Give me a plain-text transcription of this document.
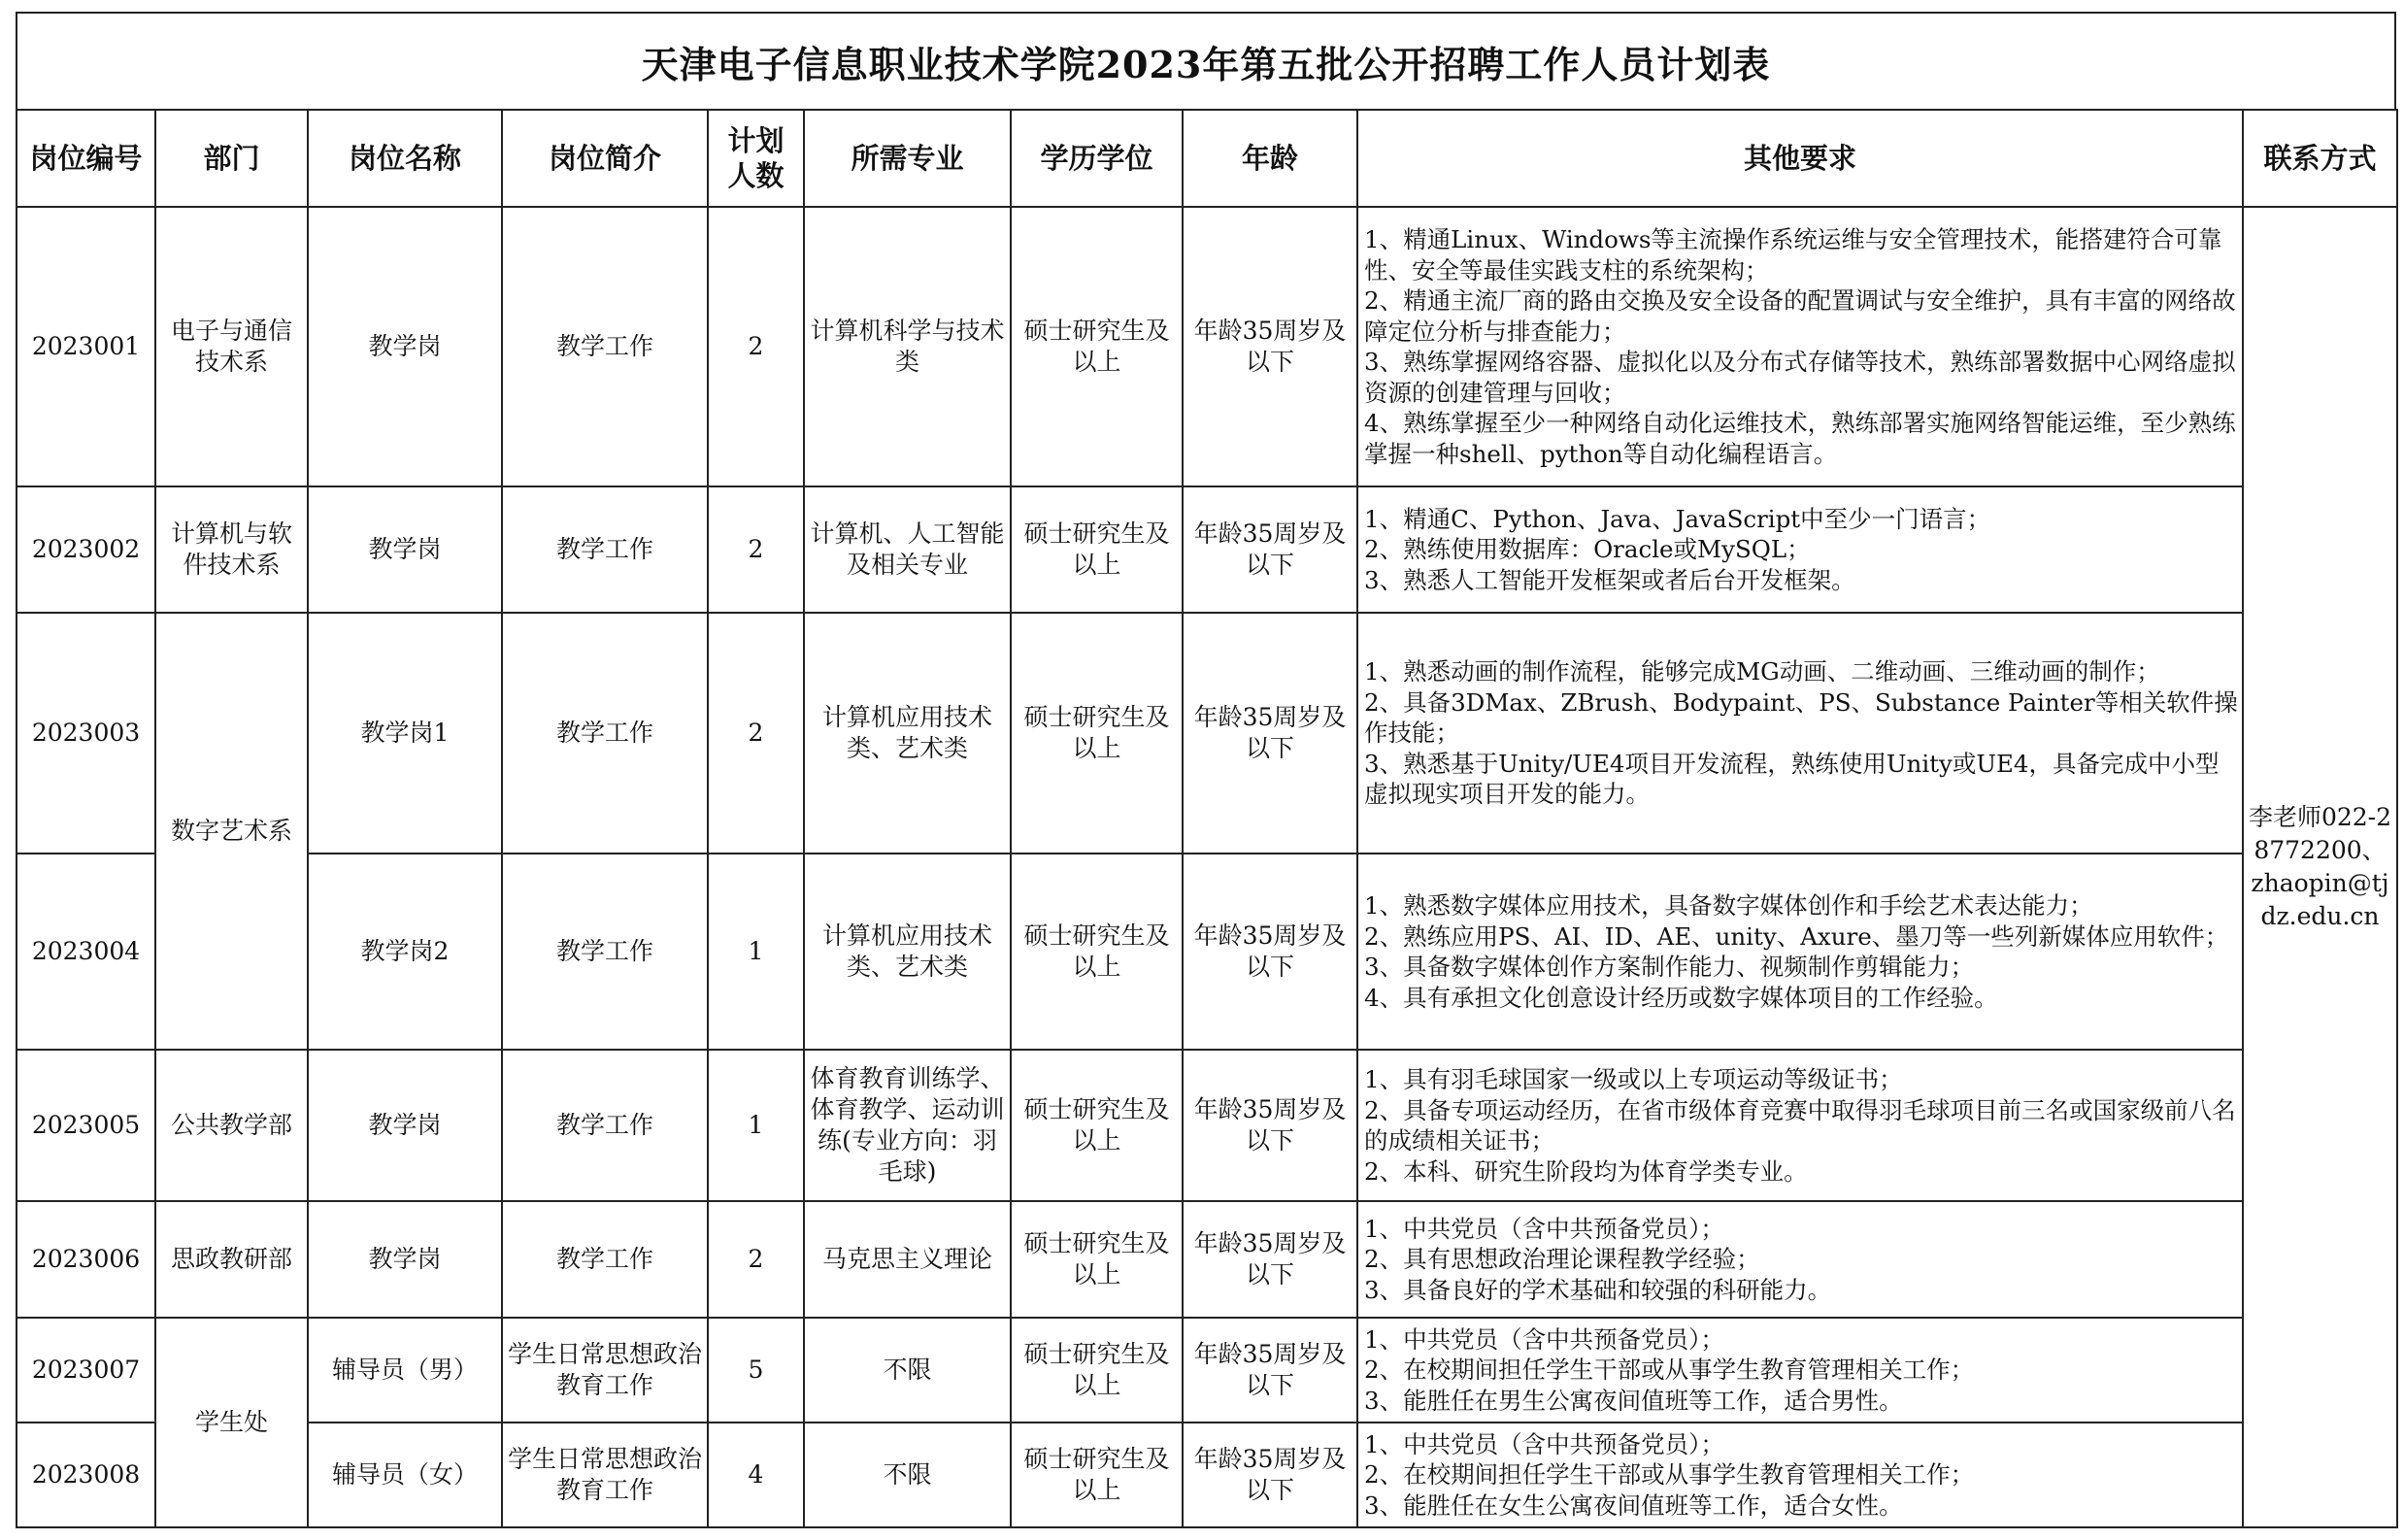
天津电子信息职业技术学院2023年第五批公开招聘工作人员计划表
岗位编号	部门	岗位名称	岗位简介	计划人数	所需专业	学历学位	年龄	其他要求	联系方式
2023001	电子与通信技术系	教学岗	教学工作	2	计算机科学与技术类	硕士研究生及以上	年龄35周岁及以下	1、精通Linux、Windows等主流操作系统运维与安全管理技术，能搭建符合可靠性、安全等最佳实践支柱的系统架构；
2、精通主流厂商的路由交换及安全设备的配置调试与安全维护，具有丰富的网络故障定位分析与排查能力；
3、熟练掌握网络容器、虚拟化以及分布式存储等技术，熟练部署数据中心网络虚拟资源的创建管理与回收；
4、熟练掌握至少一种网络自动化运维技术，熟练部署实施网络智能运维，至少熟练掌握一种shell、python等自动化编程语言。	李老师022-28772200、zhaopin@tjdz.edu.cn
2023002	计算机与软件技术系	教学岗	教学工作	2	计算机、人工智能及相关专业	硕士研究生及以上	年龄35周岁及以下	1、精通C、Python、Java、JavaScript中至少一门语言；
2、熟练使用数据库：Oracle或MySQL；
3、熟悉人工智能开发框架或者后台开发框架。	

2023003	数字艺术系	教学岗1	教学工作	2	计算机应用技术类、艺术类	硕士研究生及以上	年龄35周岁及以下	1、熟悉动画的制作流程，能够完成MG动画、二维动画、三维动画的制作；
2、具备3DMax、ZBrush、Bodypaint、PS、Substance Painter等相关软件操作技能；
3、熟悉基于Unity/UE4项目开发流程，熟练使用Unity或UE4，具备完成中小型虚拟现实项目开发的能力。	

2023004		教学岗2	教学工作	1	计算机应用技术类、艺术类	硕士研究生及以上	年龄35周岁及以下	1、熟悉数字媒体应用技术，具备数字媒体创作和手绘艺术表达能力；
2、熟练应用PS、AI、ID、AE、unity、Axure、墨刀等一些列新媒体应用软件；
3、具备数字媒体创作方案制作能力、视频制作剪辑能力；
4、具有承担文化创意设计经历或数字媒体项目的工作经验。	

2023005	公共教学部	教学岗	教学工作	1	体育教育训练学、体育教学、运动训练(专业方向：羽毛球)	硕士研究生及以上	年龄35周岁及以下	1、具有羽毛球国家一级或以上专项运动等级证书；
2、具备专项运动经历，在省市级体育竞赛中取得羽毛球项目前三名或国家级前八名的成绩相关证书；
2、本科、研究生阶段均为体育学类专业。	

2023006	思政教研部	教学岗	教学工作	2	马克思主义理论	硕士研究生及以上	年龄35周岁及以下	1、中共党员（含中共预备党员）；
2、具有思想政治理论课程教学经验；
3、具备良好的学术基础和较强的科研能力。	

2023007	学生处	辅导员（男）	学生日常思想政治教育工作	5	不限	硕士研究生及以上	年龄35周岁及以下	1、中共党员（含中共预备党员）；
2、在校期间担任学生干部或从事学生教育管理相关工作；
3、能胜任在男生公寓夜间值班等工作，适合男性。	

2023008		辅导员（女）	学生日常思想政治教育工作	4	不限	硕士研究生及以上	年龄35周岁及以下	1、中共党员（含中共预备党员）；
2、在校期间担任学生干部或从事学生教育管理相关工作；
3、能胜任在女生公寓夜间值班等工作，适合女性。	
